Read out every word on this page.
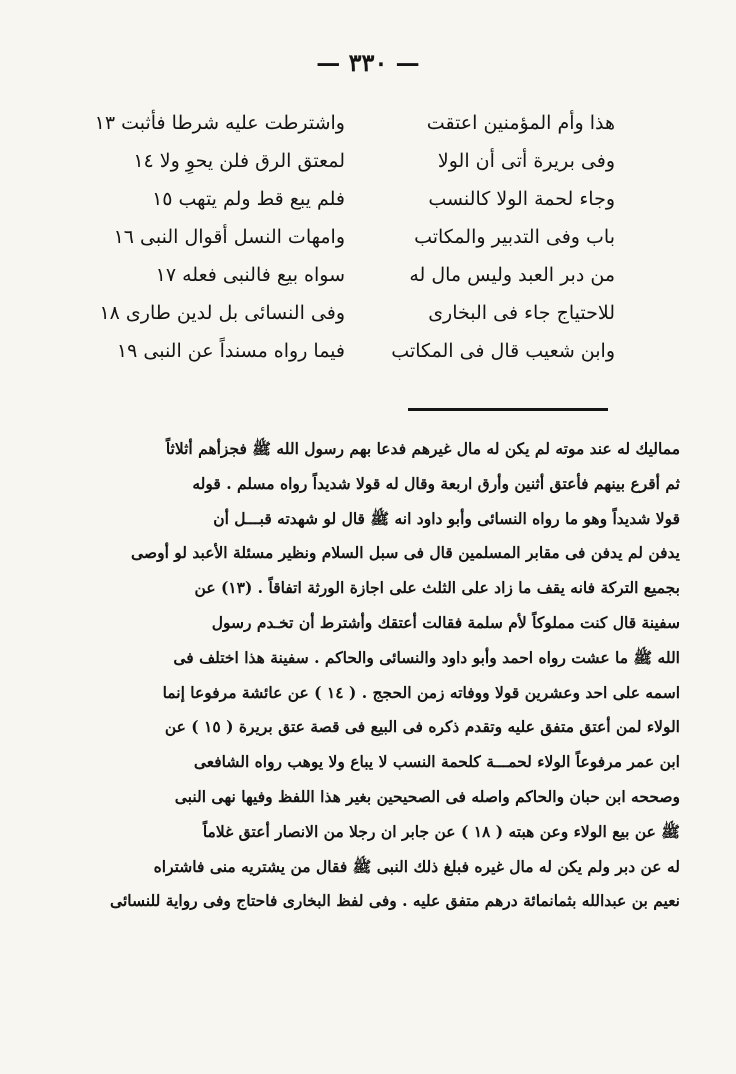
— ٣٣٠ —
هذا وأم المؤمنين اعتقت
واشترطت عليه شرطا فأثبت ١٣
وفى بريرة أتى أن الولا
لمعتق الرق فلن يحوِ ولا ١٤
وجاء لحمة الولا كالنسب
فلم يبع قط ولم يتهب ١٥
باب وفى التدبير والمكاتب
وامهات النسل أقوال النبى ١٦
من دبر العبد وليس مال له
سواه بيع فالنبى فعله ١٧
للاحتياج جاء فى البخارى
وفى النسائى بل لدين طارى ١٨
وابن شعيب قال فى المكاتب
فيما رواه مسنداً عن النبى ١٩
مماليك له عند موته لم يكن له مال غيرهم فدعا بهم رسول الله ﷺ فجزأهم أثلاثاً
ثم أقرع بينهم فأعتق أثنين وأرق اربعة وقال له قولا شديداً رواه مسلم . قوله
قولا شديداً وهو ما رواه النسائى وأبو داود انه ﷺ قال لو شهدته قبـــل أن
يدفن لم يدفن فى مقابر المسلمين قال فى سبل السلام ونظير مسئلة الأعبد لو أوصى
بجميع التركة فانه يقف ما زاد على الثلث على اجازة الورثة اتفاقاً . (١٣) عن
سفينة قال كنت مملوكاً لأم سلمة فقالت أعتقك وأشترط أن تخـدم رسول
الله ﷺ ما عشت رواه احمد وأبو داود والنسائى والحاكم . سفينة هذا اختلف فى
اسمه على احد وعشرين قولا ووفاته زمن الحجج . ( ١٤ ) عن عائشة مرفوعا إنما
الولاء لمن أعتق متفق عليه وتقدم ذكره فى البيع فى قصة عتق بريرة ( ١٥ ) عن
ابن عمر مرفوعاً الولاء لحمـــة كلحمة النسب لا يباع ولا يوهب رواه الشافعى
وصححه ابن حبان والحاكم واصله فى الصحيحين بغير هذا اللفظ وفيها نهى النبى
ﷺ عن بيع الولاء وعن هبته ( ١٨ ) عن جابر ان رجلا من الانصار أعتق غلاماً
له عن دبر ولم يكن له مال غيره فبلغ ذلك النبى ﷺ فقال من يشتريه منى فاشتراه
نعيم بن عبدالله بثمانمائة درهم متفق عليه . وفى لفظ البخارى فاحتاج وفى رواية للنسائى
